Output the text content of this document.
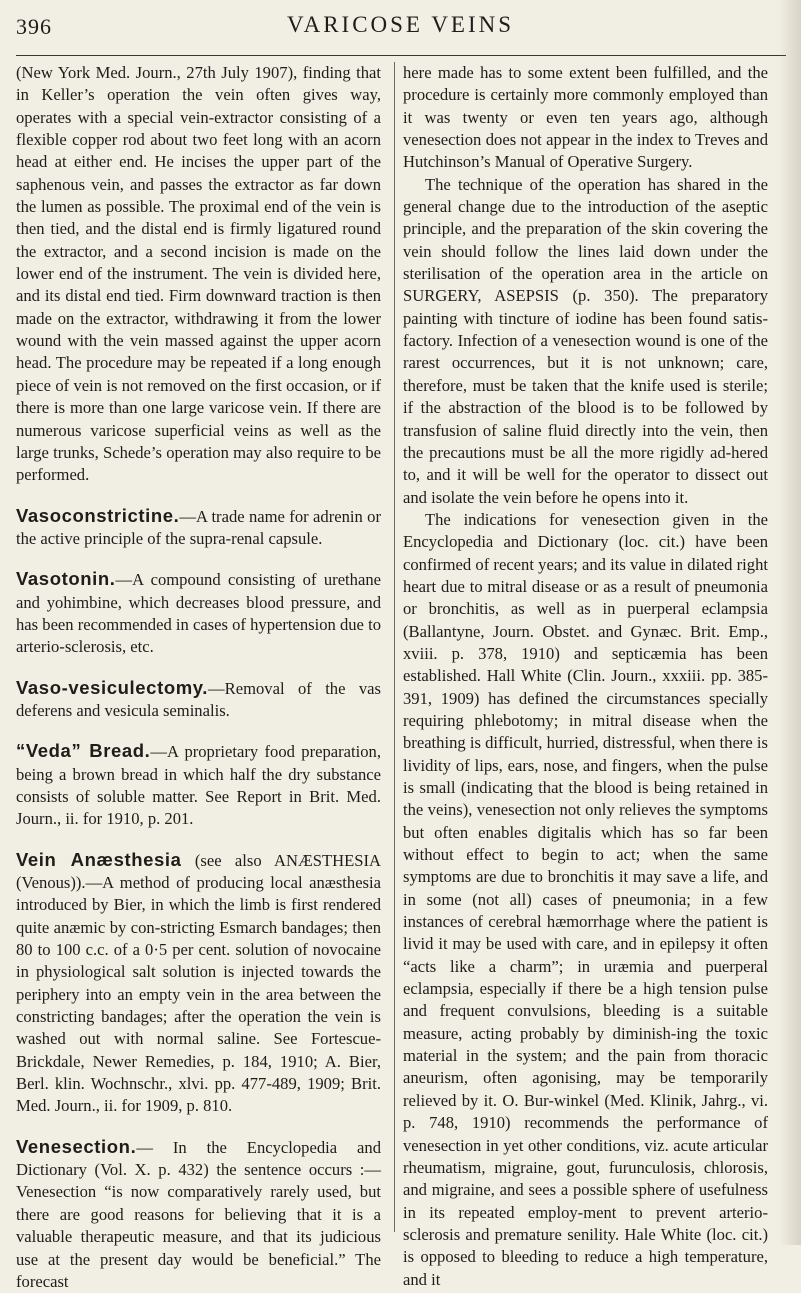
396	VARICOSE VEINS

(New York Med. Journ., 27th July 1907), finding that in Keller’s operation the vein often gives way, operates with a special vein-extractor consisting of a flexible copper rod about two feet long with an acorn head at either end. He incises the upper part of the saphenous vein, and passes the extractor as far down the lumen as possible. The proximal end of the vein is then tied, and the distal end is firmly ligatured round the extractor, and a second incision is made on the lower end of the instrument. The vein is divided here, and its distal end tied. Firm downward traction is then made on the extractor, withdrawing it from the lower wound with the vein massed against the upper acorn head. The procedure may be repeated if a long enough piece of vein is not removed on the first occasion, or if there is more than one large varicose vein. If there are numerous varicose superficial veins as well as the large trunks, Schede’s operation may also require to be performed.

Vasoconstrictine.—A trade name for adrenin or the active principle of the supra-renal capsule.

Vasotonin.—A compound consisting of urethane and yohimbine, which decreases blood pressure, and has been recommended in cases of hypertension due to arterio-sclerosis, etc.

Vaso-vesiculectomy.—Removal of the vas deferens and vesicula seminalis.

“Veda” Bread.—A proprietary food preparation, being a brown bread in which half the dry substance consists of soluble matter. See Report in Brit. Med. Journ., ii. for 1910, p. 201.

Vein Anæsthesia (see also ANÆSTHESIA (Venous)).—A method of producing local anæsthesia introduced by Bier, in which the limb is first rendered quite anæmic by con-stricting Esmarch bandages; then 80 to 100 c.c. of a 0·5 per cent. solution of novocaine in physiological salt solution is injected towards the periphery into an empty vein in the area between the constricting bandages; after the operation the vein is washed out with normal saline. See Fortescue-Brickdale, Newer Remedies, p. 184, 1910; A. Bier, Berl. klin. Wochnschr., xlvi. pp. 477-489, 1909; Brit. Med. Journ., ii. for 1909, p. 810.

Venesection.— In the Encyclopedia and Dictionary (Vol. X. p. 432) the sentence occurs :—Venesection “is now comparatively rarely used, but there are good reasons for believing that it is a valuable therapeutic measure, and that its judicious use at the present day would be beneficial.” The forecast

here made has to some extent been fulfilled, and the procedure is certainly more commonly employed than it was twenty or even ten years ago, although venesection does not appear in the index to Treves and Hutchinson’s Manual of Operative Surgery.

The technique of the operation has shared in the general change due to the introduction of the aseptic principle, and the preparation of the skin covering the vein should follow the lines laid down under the sterilisation of the operation area in the article on SURGERY, ASEPSIS (p. 350). The preparatory painting with tincture of iodine has been found satis-factory. Infection of a venesection wound is one of the rarest occurrences, but it is not unknown; care, therefore, must be taken that the knife used is sterile; if the abstraction of the blood is to be followed by transfusion of saline fluid directly into the vein, then the precautions must be all the more rigidly ad-hered to, and it will be well for the operator to dissect out and isolate the vein before he opens into it.

The indications for venesection given in the Encyclopedia and Dictionary (loc. cit.) have been confirmed of recent years; and its value in dilated right heart due to mitral disease or as a result of pneumonia or bronchitis, as well as in puerperal eclampsia (Ballantyne, Journ. Obstet. and Gynæc. Brit. Emp., xviii. p. 378, 1910) and septicæmia has been established. Hall White (Clin. Journ., xxxiii. pp. 385-391, 1909) has defined the circumstances specially requiring phlebotomy; in mitral disease when the breathing is difficult, hurried, distressful, when there is lividity of lips, ears, nose, and fingers, when the pulse is small (indicating that the blood is being retained in the veins), venesection not only relieves the symptoms but often enables digitalis which has so far been without effect to begin to act; when the same symptoms are due to bronchitis it may save a life, and in some (not all) cases of pneumonia; in a few instances of cerebral hæmorrhage where the patient is livid it may be used with care, and in epilepsy it often “acts like a charm”; in uræmia and puerperal eclampsia, especially if there be a high tension pulse and frequent convulsions, bleeding is a suitable measure, acting probably by diminish-ing the toxic material in the system; and the pain from thoracic aneurism, often agonising, may be temporarily relieved by it. O. Bur-winkel (Med. Klinik, Jahrg., vi. p. 748, 1910) recommends the performance of venesection in yet other conditions, viz. acute articular rheumatism, migraine, gout, furunculosis, chlorosis, and migraine, and sees a possible sphere of usefulness in its repeated employ-ment to prevent arterio-sclerosis and premature senility. Hale White (loc. cit.) is opposed to bleeding to reduce a high temperature, and it
